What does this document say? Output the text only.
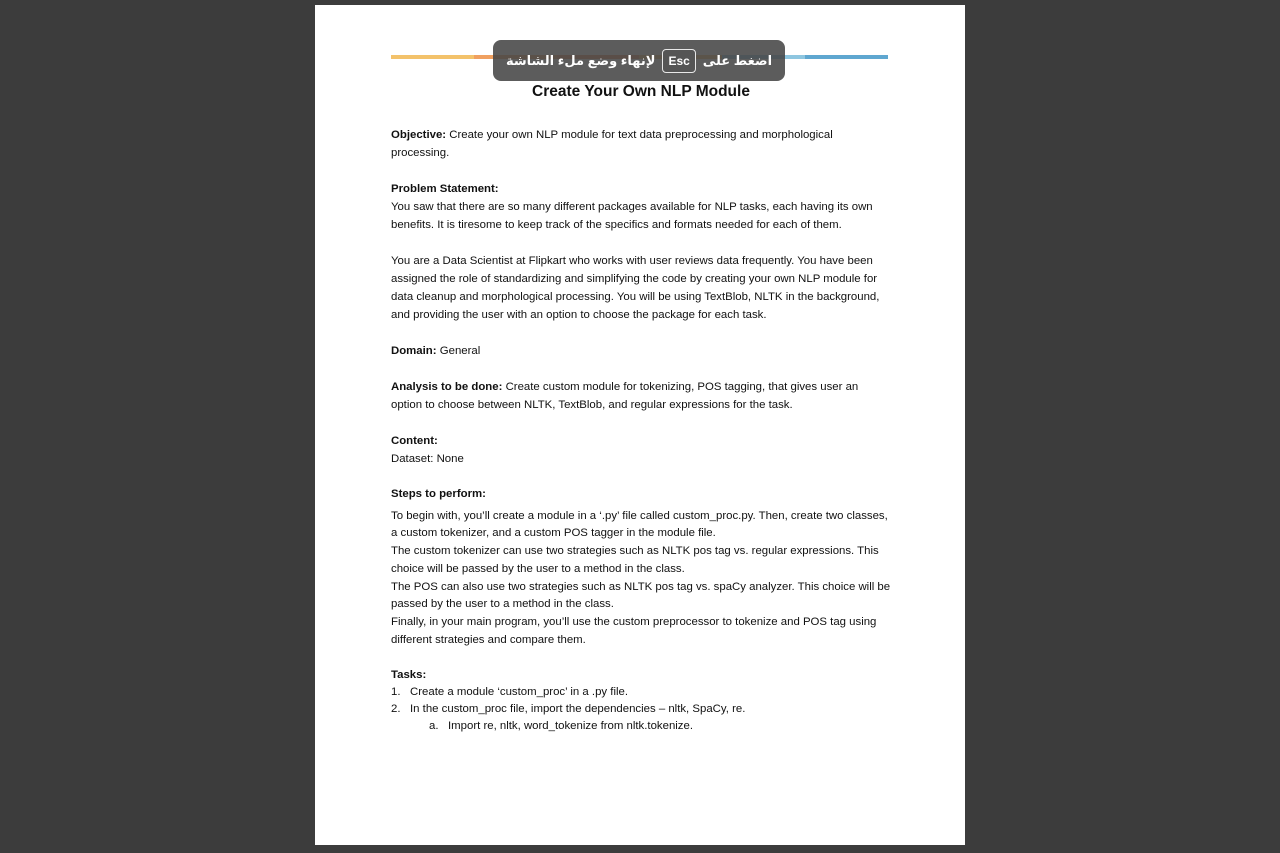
اضغط على
Esc
لإنهاء وضع ملء الشاشة
Create Your Own NLP Module

Objective: Create your own NLP module for text data preprocessing and morphological processing.

Problem Statement:

You saw that there are so many different packages available for NLP tasks, each having its own benefits. It is tiresome to keep track of the specifics and formats needed for each of them.

You are a Data Scientist at Flipkart who works with user reviews data frequently. You have been assigned the role of standardizing and simplifying the code by creating your own NLP module for data cleanup and morphological processing. You will be using TextBlob, NLTK in the background, and providing the user with an option to choose the package for each task.

Domain: General

Analysis to be done: Create custom module for tokenizing, POS tagging, that gives user an option to choose between NLTK, TextBlob, and regular expressions for the task.

Content:

Dataset: None

Steps to perform:
To begin with, you’ll create a module in a ‘.py’ file called custom_proc.py. Then, create two classes, a custom tokenizer, and a custom POS tagger in the module file.
The custom tokenizer can use two strategies such as NLTK pos tag vs. regular expressions. This choice will be passed by the user to a method in the class.
The POS can also use two strategies such as NLTK pos tag vs. spaCy analyzer. This choice will be passed by the user to a method in the class.
Finally, in your main program, you’ll use the custom preprocessor to tokenize and POS tag using different strategies and compare them.
Tasks:
1. Create a module ‘custom_proc’ in a .py file.
2. In the custom_proc file, import the dependencies – nltk, SpaCy, re.
a. Import re, nltk, word_tokenize from nltk.tokenize.
